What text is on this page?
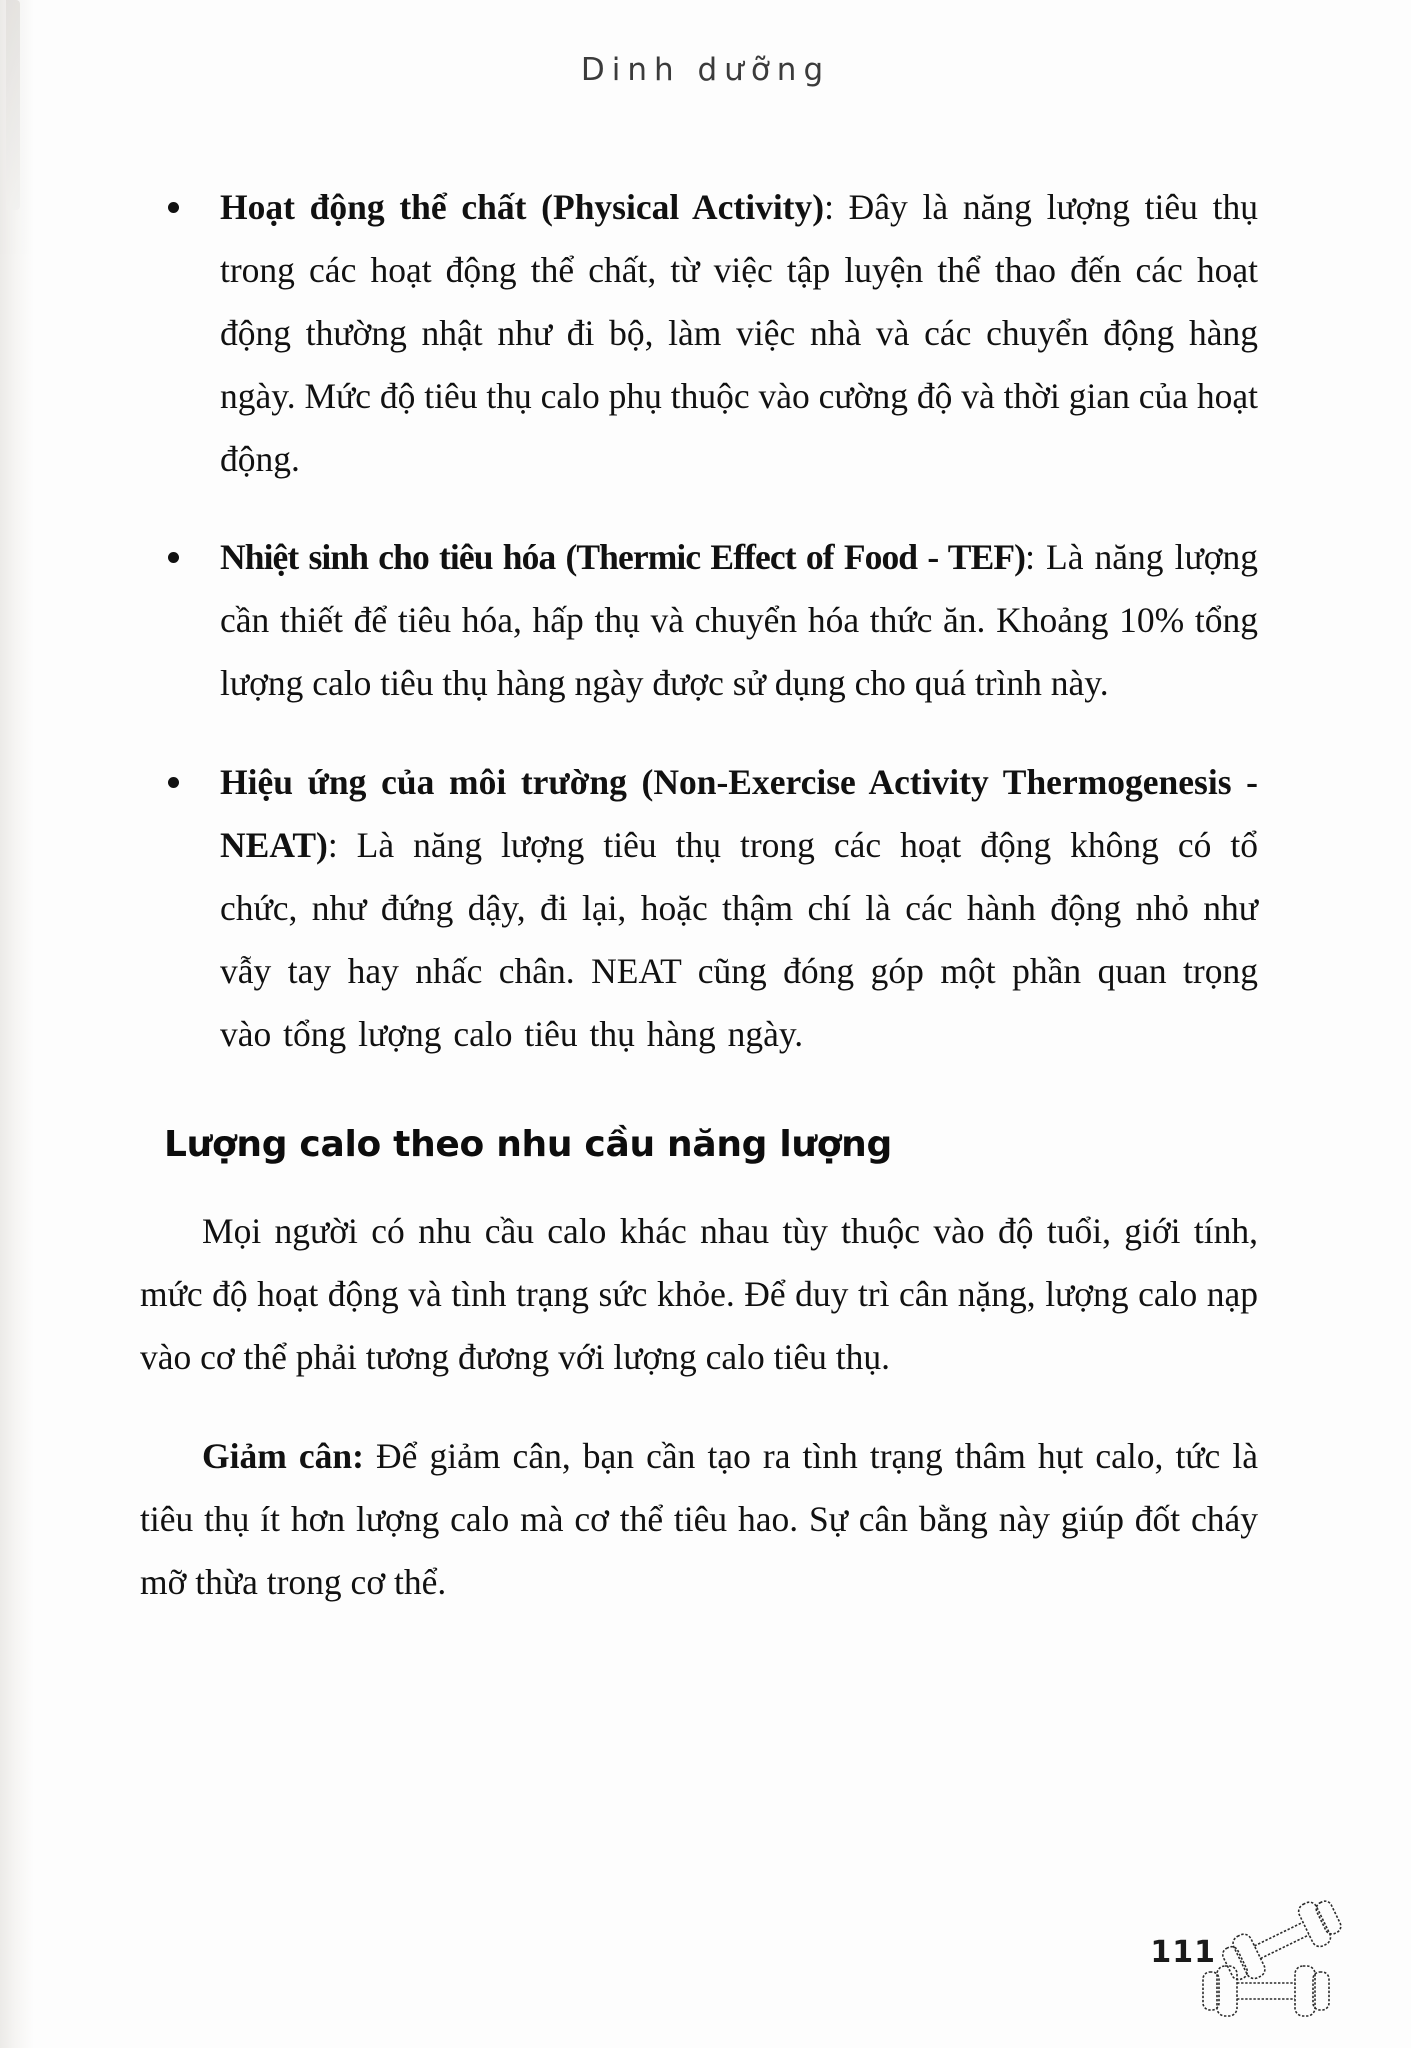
Dinh dưỡng

Hoạt động thể chất (Physical Activity): Đây là năng lượng tiêu thụ trong các hoạt động thể chất, từ việc tập luyện thể thao đến các hoạt động thường nhật như đi bộ, làm việc nhà và các chuyển động hàng ngày. Mức độ tiêu thụ calo phụ thuộc vào cường độ và thời gian của hoạt động.

Nhiệt sinh cho tiêu hóa (Thermic Effect of Food - TEF): Là năng lượng cần thiết để tiêu hóa, hấp thụ và chuyển hóa thức ăn. Khoảng 10% tổng lượng calo tiêu thụ hàng ngày được sử dụng cho quá trình này.

Hiệu ứng của môi trường (Non-Exercise Activity Thermogenesis - NEAT): Là năng lượng tiêu thụ trong các hoạt động không có tổ chức, như đứng dậy, đi lại, hoặc thậm chí là các hành động nhỏ như vẫy tay hay nhấc chân. NEAT cũng đóng góp một phần quan trọng vào tổng lượng calo tiêu thụ hàng ngày.

Lượng calo theo nhu cầu năng lượng

Mọi người có nhu cầu calo khác nhau tùy thuộc vào độ tuổi, giới tính, mức độ hoạt động và tình trạng sức khỏe. Để duy trì cân nặng, lượng calo nạp vào cơ thể phải tương đương với lượng calo tiêu thụ.

Giảm cân: Để giảm cân, bạn cần tạo ra tình trạng thâm hụt calo, tức là tiêu thụ ít hơn lượng calo mà cơ thể tiêu hao. Sự cân bằng này giúp đốt cháy mỡ thừa trong cơ thể.

111
